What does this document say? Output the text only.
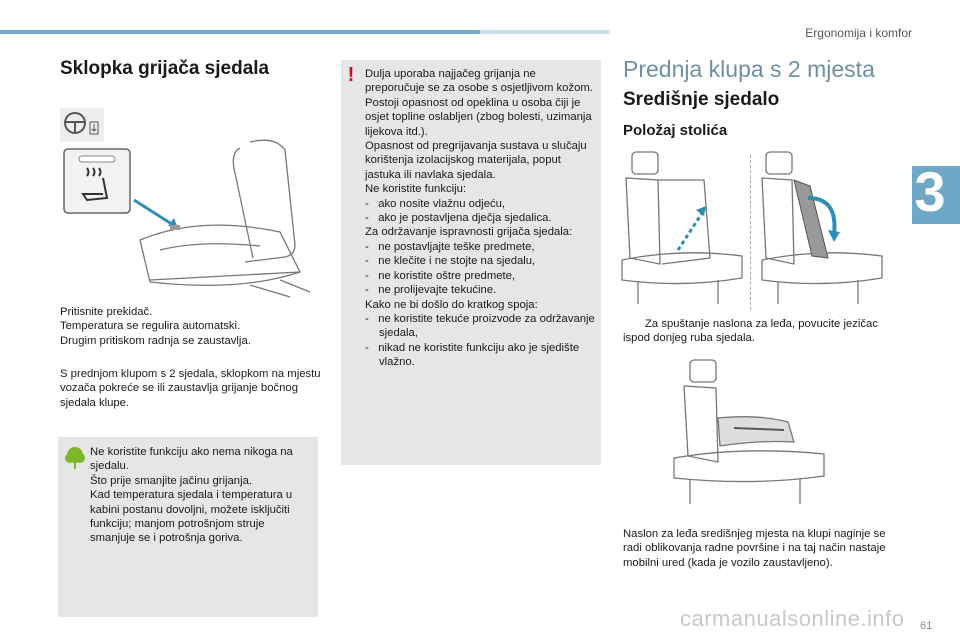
Ergonomija i komfor
3
Sklopka grijača sjedala
Pritisnite prekidač.
Temperatura se regulira automatski.
Drugim pritiskom radnja se zaustavlja.
S prednjom klupom s 2 sjedala, sklopkom na mjestu vozača pokreće se ili zaustavlja grijanje bočnog sjedala klupe.
Ne koristite funkciju ako nema nikoga na sjedalu.
Što prije smanjite jačinu grijanja.
Kad temperatura sjedala i temperatura u kabini postanu dovoljni, možete isključiti funkciju; manjom potrošnjom struje smanjuje se i potrošnja goriva.
! Dulja uporaba najjačeg grijanja ne preporučuje se za osobe s osjetljivom kožom.
Postoji opasnost od opeklina u osoba čiji je osjet topline oslabljen (zbog bolesti, uzimanja lijekova itd.).
Opasnost od pregrijavanja sustava u slučaju korištenja izolacijskog materijala, poput jastuka ili navlaka sjedala.
Ne koristite funkciju:
-   ako nosite vlažnu odjeću,
-   ako je postavljena dječja sjedalica.
Za održavanje ispravnosti grijača sjedala:
-   ne postavljajte teške predmete,
-   ne klečite i ne stojte na sjedalu,
-   ne koristite oštre predmete,
-   ne prolijevajte tekućine.
Kako ne bi došlo do kratkog spoja:
-   ne koristite tekuće proizvode za održavanje sjedala,
-   nikad ne koristite funkciju ako je sjedište vlažno.
Prednja klupa s 2 mjesta
Središnje sjedalo
Položaj stolića
Za spuštanje naslona za leđa, povucite jezičac ispod donjeg ruba sjedala.
Naslon za leđa središnjeg mjesta na klupi naginje se radi oblikovanja radne površine i na taj način nastaje mobilni ured (kada je vozilo zaustavljeno).
carmanualsonline.info 61
